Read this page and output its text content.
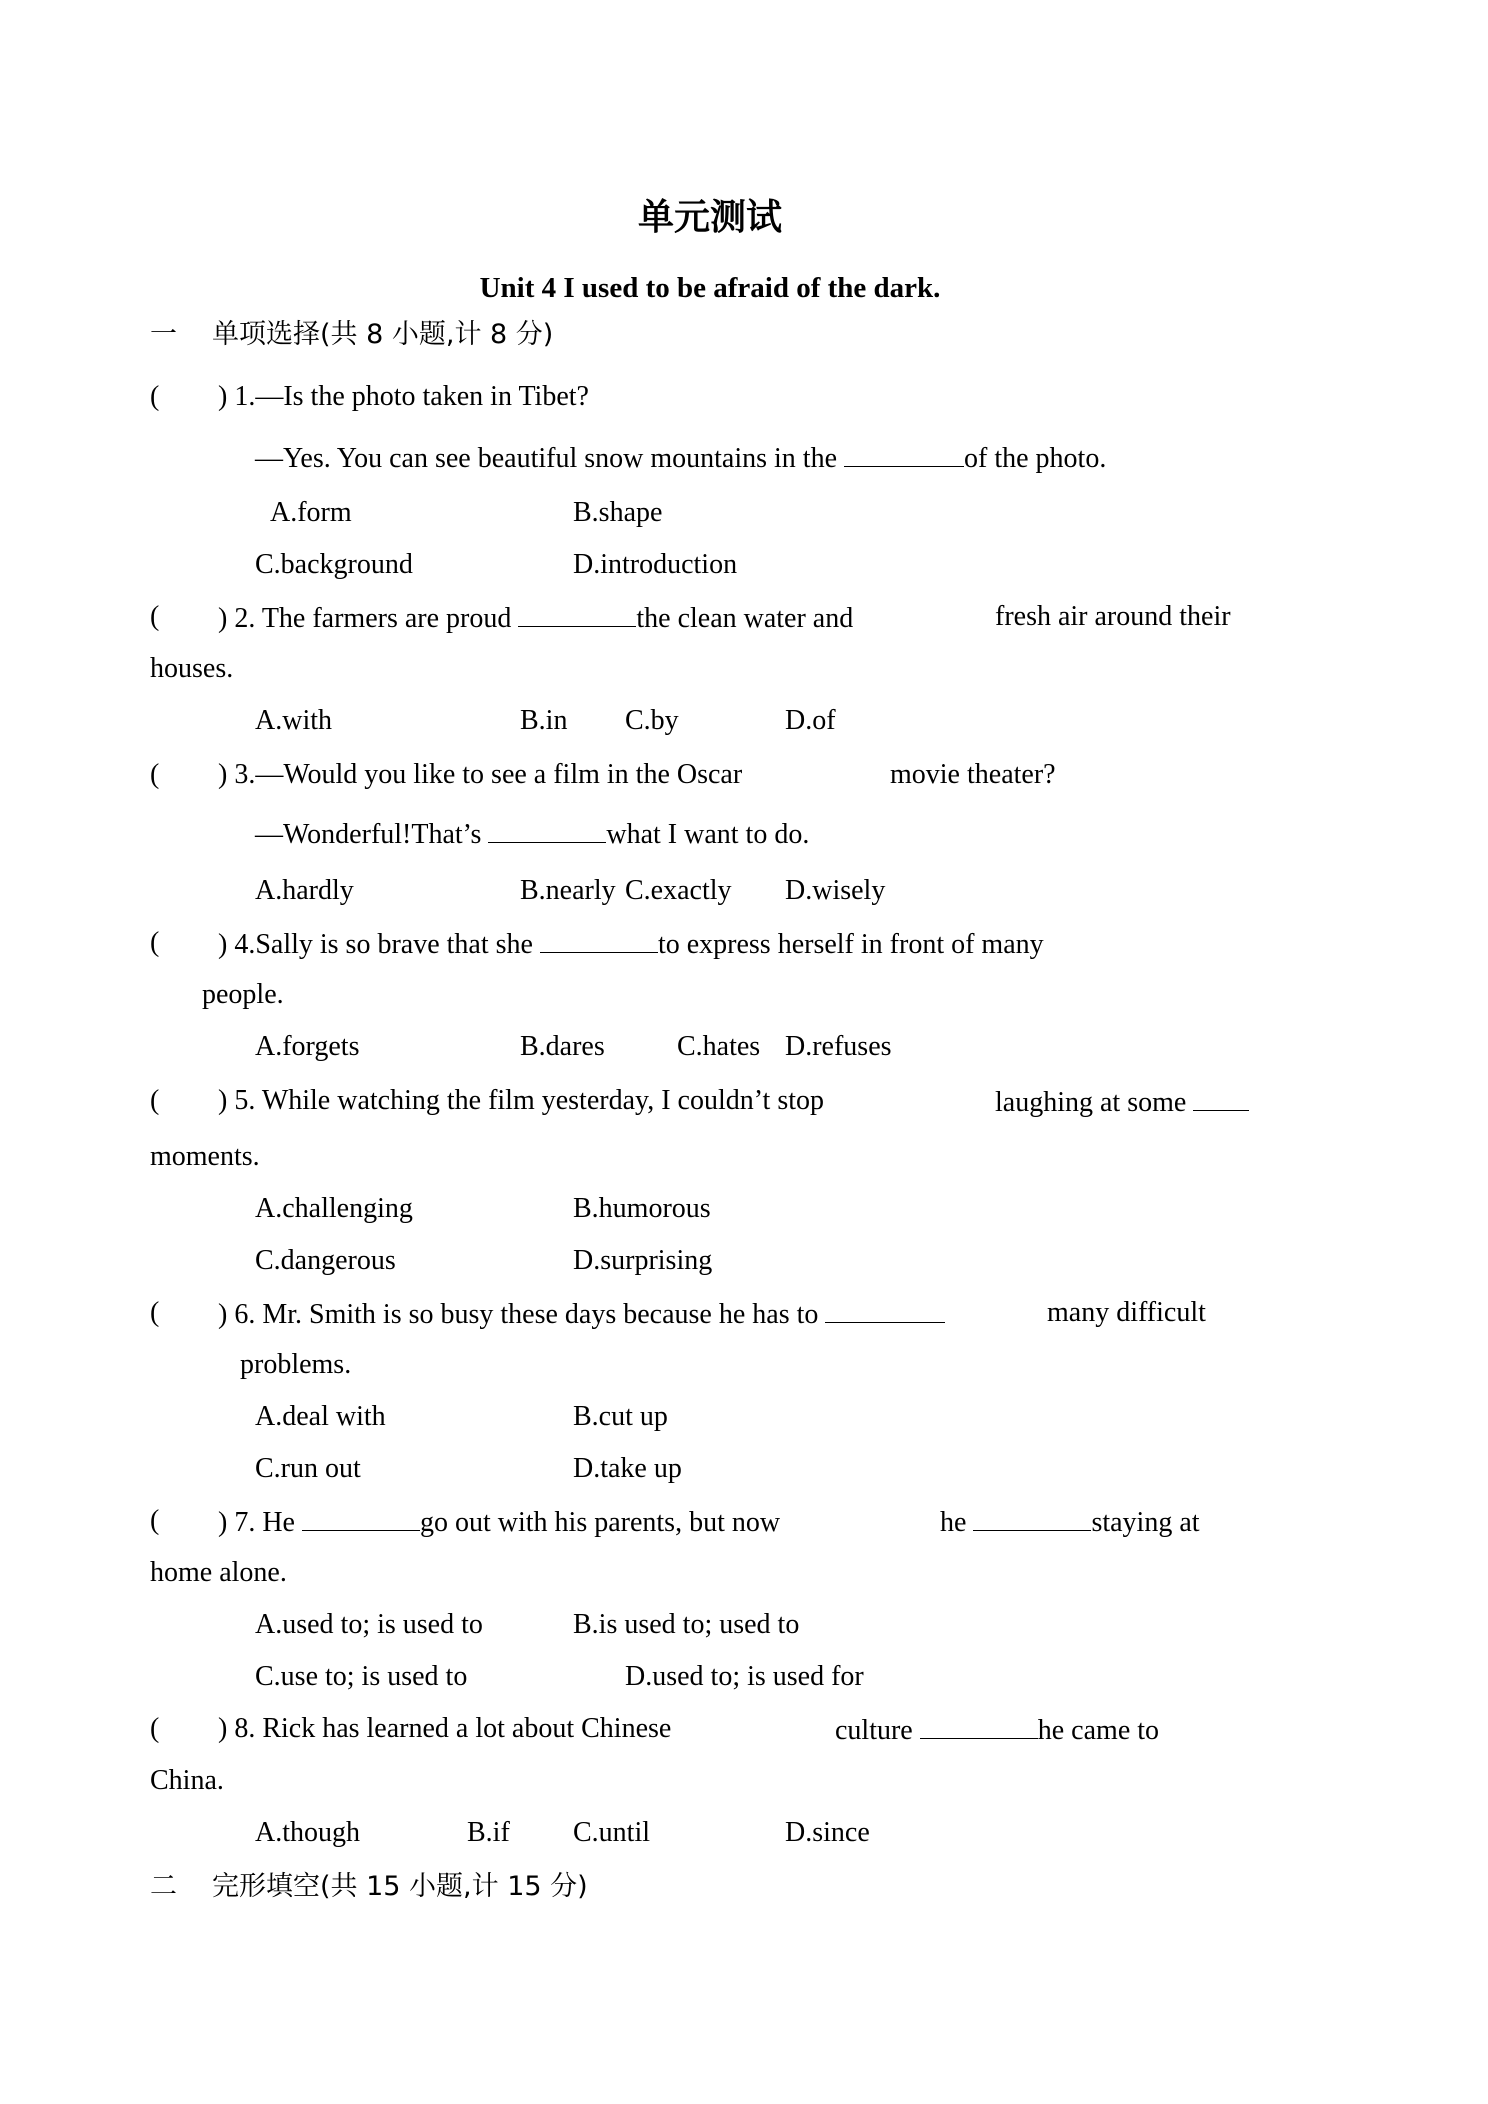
单元测试
Unit 4 I used to be afraid of the dark.
一 单项选择(共 8 小题,计 8 分)
( ) 1.—Is the photo taken in Tibet?
—Yes. You can see beautiful snow mountains in the	of the photo.
A.form	B.shape
C.background	D.introduction
( ) 2. The farmers are proud	the clean water and	fresh air around their
houses.
A.with	B.in C.by	D.of
( ) 3.—Would you like to see a film in the Oscar	movie theater?
—Wonderful!That’s	what I want to do.
A.hardly	B.nearly C.exactly D.wisely
( ) 4.Sally is so brave that she	to express herself in front of many
people.
A.forgets	B.dares	C.hates D.refuses
( ) 5. While watching the film yesterday, I couldn’t stop	laughing at some
moments.
A.challenging	B.humorous
C.dangerous	D.surprising
( ) 6. Mr. Smith is so busy these days because he has to	many difficult
problems.
A.deal with	B.cut up
C.run out	D.take up
( ) 7. He	go out with his parents, but now	he	staying at
home alone.
A.used to; is used to	B.is used to; used to
C.use to; is used to	D.used to; is used for
( ) 8. Rick has learned a lot about Chinese	culture	he came to
China.
A.though	B.if C.until	D.since
二 完形填空(共 15 小题,计 15 分)
